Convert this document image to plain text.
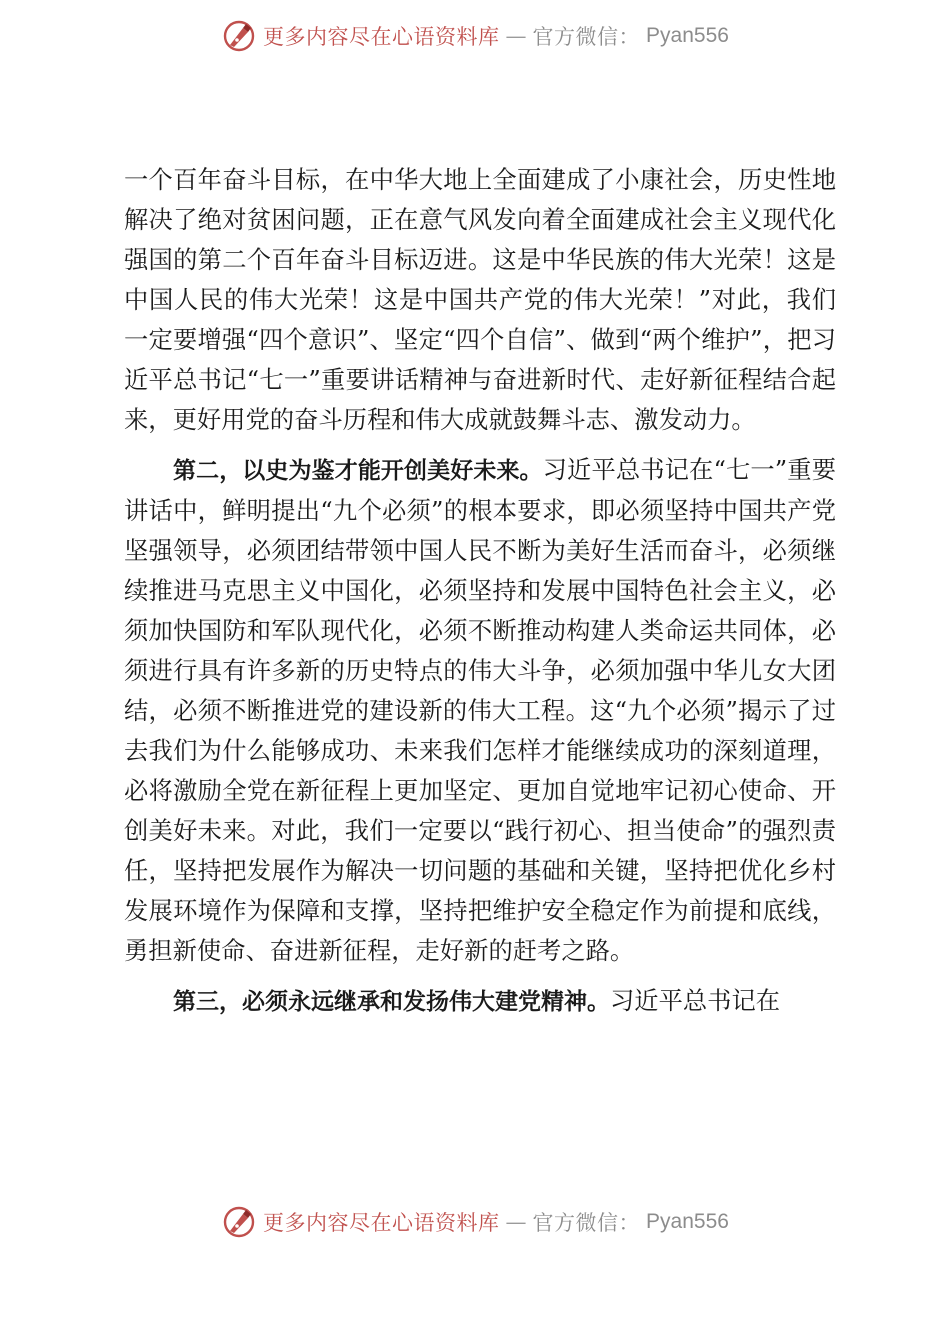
更多内容尽在心语资料库 — 官方微信： Pyan556

一个百年奋斗目标，在中华大地上全面建成了小康社会，历史性地解决了绝对贫困问题，正在意气风发向着全面建成社会主义现代化强国的第二个百年奋斗目标迈进。这是中华民族的伟大光荣！这是中国人民的伟大光荣！这是中国共产党的伟大光荣！”对此，我们一定要增强“四个意识”、坚定“四个自信”、做到“两个维护”，把习近平总书记“七一”重要讲话精神与奋进新时代、走好新征程结合起来，更好用党的奋斗历程和伟大成就鼓舞斗志、激发动力。

第二，以史为鉴才能开创美好未来。习近平总书记在“七一”重要讲话中，鲜明提出“九个必须”的根本要求，即必须坚持中国共产党坚强领导，必须团结带领中国人民不断为美好生活而奋斗，必须继续推进马克思主义中国化，必须坚持和发展中国特色社会主义，必须加快国防和军队现代化，必须不断推动构建人类命运共同体，必须进行具有许多新的历史特点的伟大斗争，必须加强中华儿女大团结，必须不断推进党的建设新的伟大工程。这“九个必须”揭示了过去我们为什么能够成功、未来我们怎样才能继续成功的深刻道理，必将激励全党在新征程上更加坚定、更加自觉地牢记初心使命、开创美好未来。对此，我们一定要以“践行初心、担当使命”的强烈责任，坚持把发展作为解决一切问题的基础和关键，坚持把优化乡村发展环境作为保障和支撑，坚持把维护安全稳定作为前提和底线，勇担新使命、奋进新征程，走好新的赶考之路。

第三，必须永远继承和发扬伟大建党精神。习近平总书记在

更多内容尽在心语资料库 — 官方微信： Pyan556
